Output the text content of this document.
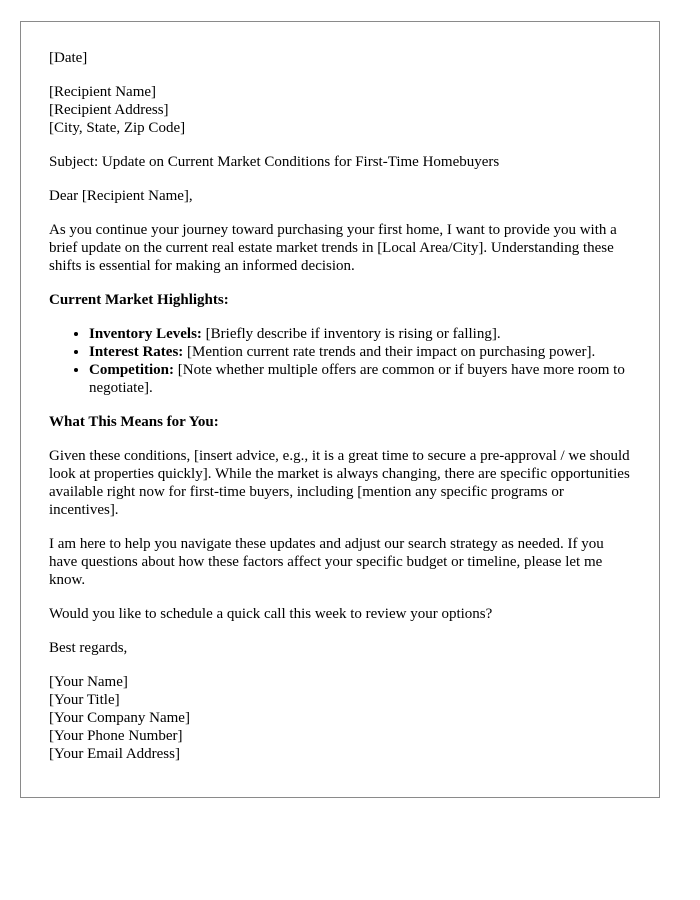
[Date]

[Recipient Name]
[Recipient Address]
[City, State, Zip Code]

Subject: Update on Current Market Conditions for First-Time Homebuyers

Dear [Recipient Name],

As you continue your journey toward purchasing your first home, I want to provide you with a brief update on the current real estate market trends in [Local Area/City]. Understanding these shifts is essential for making an informed decision.

Current Market Highlights:

• Inventory Levels: [Briefly describe if inventory is rising or falling].
• Interest Rates: [Mention current rate trends and their impact on purchasing power].
• Competition: [Note whether multiple offers are common or if buyers have more room to negotiate].

What This Means for You:

Given these conditions, [insert advice, e.g., it is a great time to secure a pre-approval / we should look at properties quickly]. While the market is always changing, there are specific opportunities available right now for first-time buyers, including [mention any specific programs or incentives].

I am here to help you navigate these updates and adjust our search strategy as needed. If you have questions about how these factors affect your specific budget or timeline, please let me know.

Would you like to schedule a quick call this week to review your options?

Best regards,

[Your Name]
[Your Title]
[Your Company Name]
[Your Phone Number]
[Your Email Address]
